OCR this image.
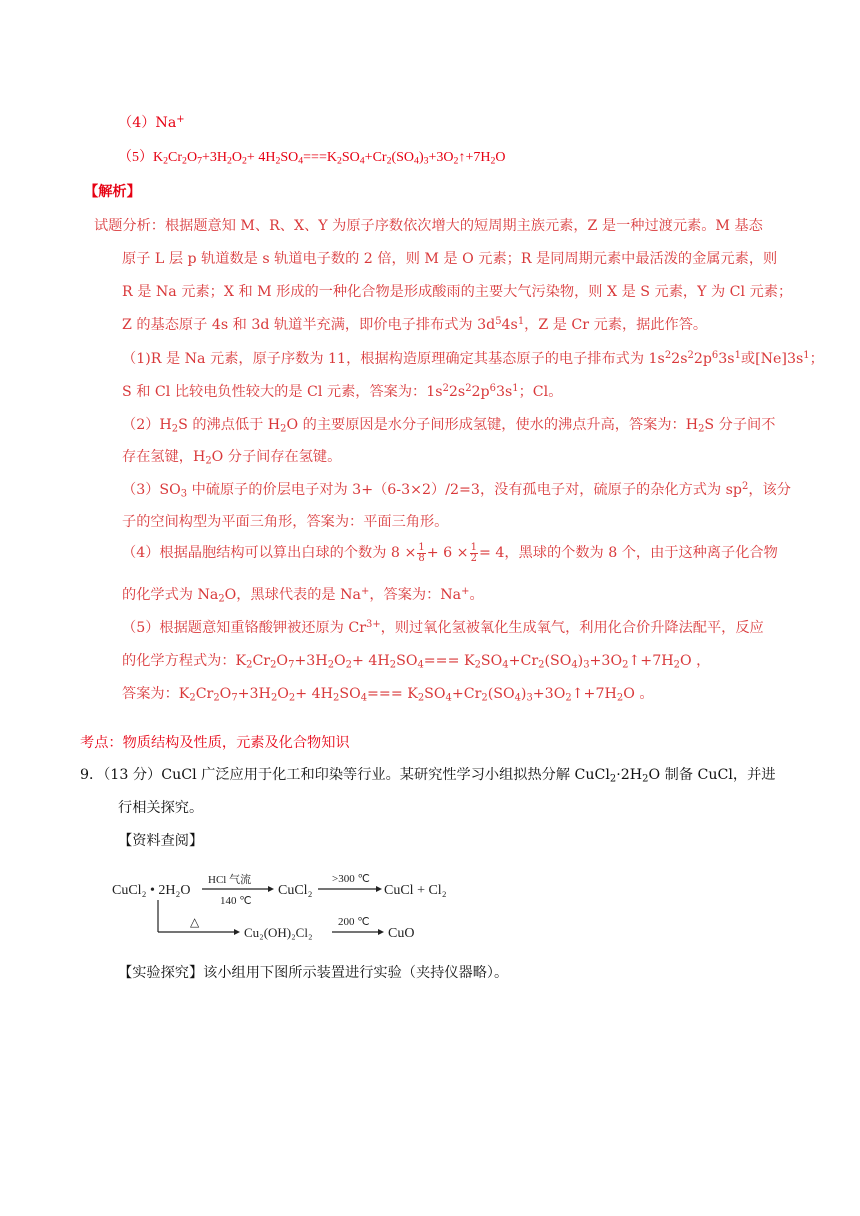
（4）Na+
$(5)K_2Cr_2O_7+3H_2O_2+$ $4H_2SO_4===K_2SO_4+Cr_2(SO_4)_3+3O_2↑+7H_2O$
【解析】
试题分析：根据题意知 M、R、X、Y 为原子序数依次增大的短周期主族元素，Z 是一种过渡元素。M 基态
原子 L 层 p 轨道数是 s 轨道电子数的 2 倍，则 M 是 O 元素；R 是同周期元素中最活泼的金属元素，则
R 是 Na 元素；X 和 M 形成的一种化合物是形成酸雨的主要大气污染物，则 X 是 S 元素，Y 为 Cl 元素；
Z 的基态原子 4s 和 3d 轨道半充满，即价电子排布式为 $3d^54s^1$，Z 是 Cr 元素，据此作答。
（1)R 是 Na 元素，原子序数为 11，根据构造原理确定其基态原子的电子排布式为 $1s^22s^22p^63s^1$或$[Ne]3s^1$；
S 和 Cl 比较电负性较大的是 Cl 元素，答案为：$1s^22s^22p^63s^1$；Cl。
$(2)H_2S$ 的沸点低于 $H_2O$ 的主要原因是水分子间形成氢键，使水的沸点升高，答案为：$H_2S$ 分子间不
存在氢键，$H_2O$ 分子间存在氢键。
$(3)SO_3$ 中硫原子的价层电子对为 3+（6-3×2）/2=3，没有孤电子对，硫原子的杂化方式为 $sp^2$，该分
子的空间构型为平面三角形，答案为：平面三角形。
（4）根据晶胞结构可以算出白球的个数为 $8 \times \frac{1}{8} + 6 \times \frac{1}{2} = 4$，黑球的个数为 8 个，由于这种离子化合物
的化学式为 $Na_2O$，黑球代表的是 Na+，答案为：Na+。
（5）根据题意知重铬酸钾被还原为 $Cr^{3+}$，则过氧化氢被氧化生成氧气，利用化合价升降法配平，反应
的化学方程式为：$K_2Cr_2O_7+3H_2O_2+ 4H_2SO_4===$ $K_2SO_4+Cr_2(SO_4)_3+3O_2↑+7H_2O$ ，
答案为：$K_2Cr_2O_7+3H_2O_2+ 4H_2SO_4===$ $K_2SO_4+Cr_2(SO_4)_3+3O_2↑+7H_2O$ 。
考点：物质结构及性质，元素及化合物知识
9．（13 分）CuCl 广泛应用于化工和印染等行业。某研究性学习小组拟热分解 $CuCl_2\cdot 2H_2O$ 制备 CuCl，并进
行相关探究。
【资料查阅】
CuCl₂ • 2H₂O
HCl 气流
140 ℃
CuCl₂
>300 ℃
CuCl + Cl₂
△
Cu₂(OH)₂Cl₂
200 ℃
CuO
【实验探究】该小组用下图所示装置进行实验（夹持仪器略）。
